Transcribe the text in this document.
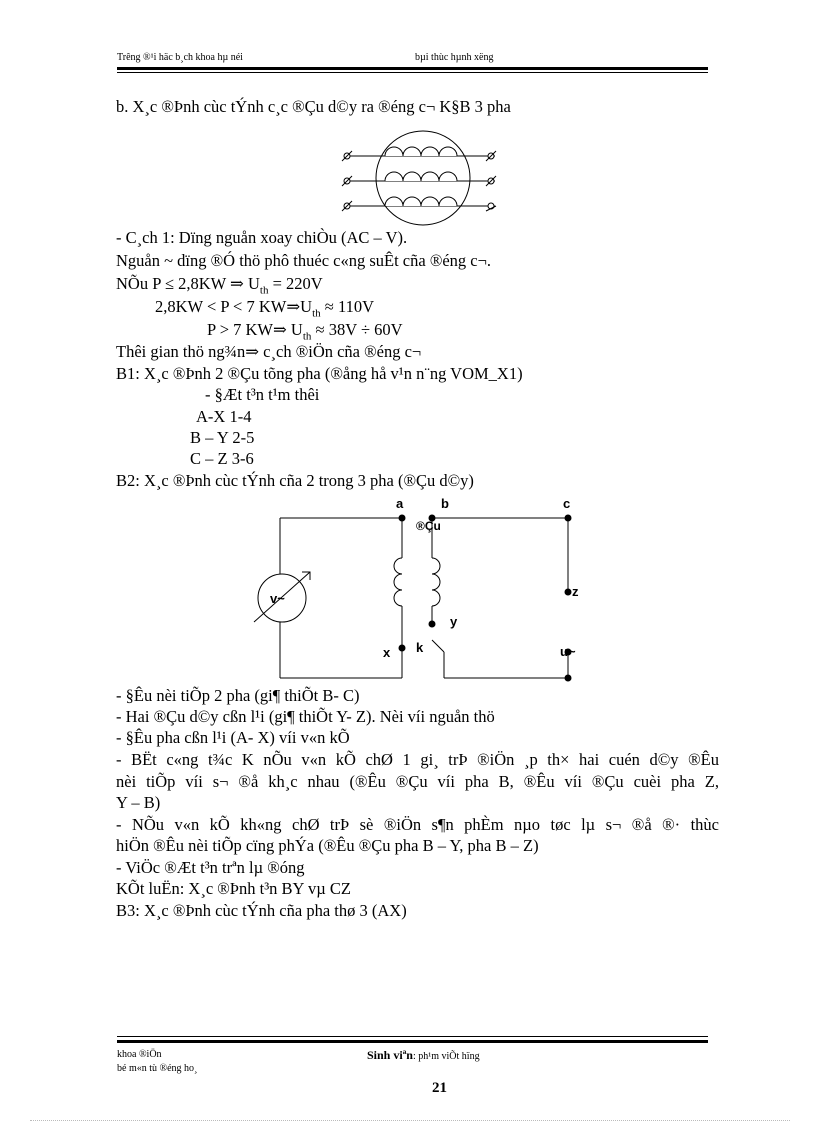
Trêng ®¹i häc b¸ch khoa hµ néi	bµi thùc hµnh xëng
b. X¸c ®Þnh cùc tÝnh c¸c ®Çu d©y ra ®éng c¬ K§B 3 pha
- C¸ch 1: Dïng nguån xoay chiÒu (AC – V).
Nguån ~ dïng ®Ó thö phô thuéc c«ng suÊt cña ®éng c¬.
NÕu P ≤ 2,8KW ⇒ $U_{th} = 220V$
2,8KW < P < 7 $KW\Rightarrow U_{th} \approx 110V$
P > 7 KW⇒ $U_{th} \approx 38V \div 60V$
Thêi gian thö ng¾n⇒ c¸ch ®iÖn cña ®éng c¬
B1: X¸c ®Þnh 2 ®Çu tõng pha (®ång hå v¹n n¨ng VOM_X1)
- §Æt t³n t¹m thêi
A-X 1-4
B – Y 2-5
C – Z 3-6
B2: X¸c ®Þnh cùc tÝnh cña 2 trong 3 pha (®Çu d©y)
a	b	c
®Çu
z
y
x k	u~
v~
- §Êu nèi tiÕp 2 pha (gi¶ thiÕt B- C)
- Hai ®Çu d©y cßn l¹i (gi¶ thiÕt Y- Z). Nèi víi nguån thö
- §Êu pha cßn l¹i (A- X) víi v«n kÕ
- BËt c«ng t¾c K nÕu v«n kÕ chØ 1 gi¸ trÞ ®iÖn ¸p th× hai cuén d©y ®Êu
nèi tiÕp víi s¬ ®å kh¸c nhau (®Êu ®Çu víi pha B, ®Êu víi ®Çu cuèi pha Z,
Y – B)
- NÕu v«n kÕ kh«ng chØ trÞ sè ®iÖn s¶n phÈm nµo tøc lµ s¬ ®å ®· thùc
hiÖn ®Êu nèi tiÕp cïng phÝa (®Êu ®Çu pha B – Y, pha B – Z)
- ViÖc ®Æt t³n trªn lµ ®óng
KÕt luËn: X¸c ®Þnh t³n BY vµ CZ
B3: X¸c ®Þnh cùc tÝnh cña pha thø 3 (AX)
khoa ®iÖn
bé m«n tù ®éng ho¸
Sinh viªn: ph¹m viÕt hïng
21
